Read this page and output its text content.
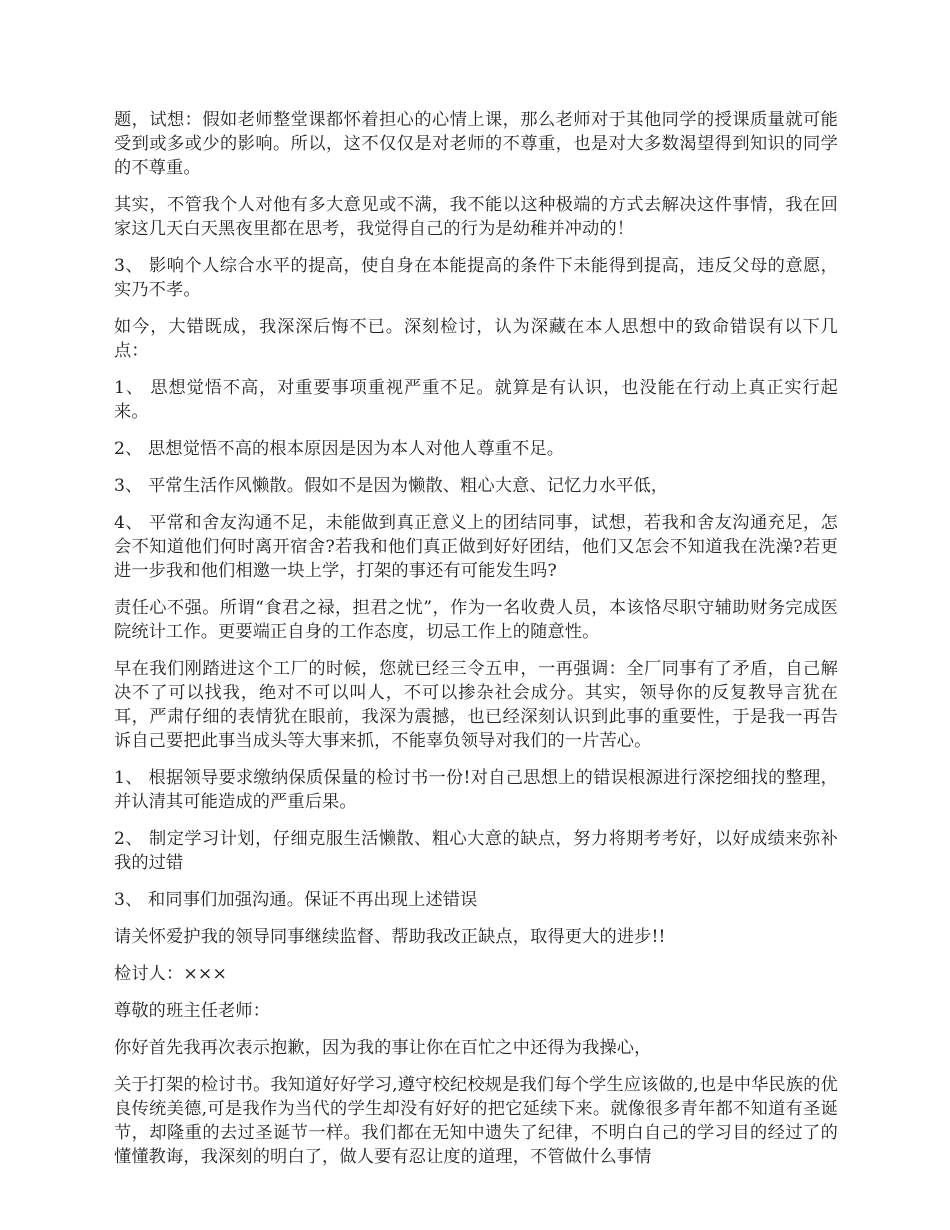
题，试想：假如老师整堂课都怀着担心的心情上课，那么老师对于其他同学的授课质量就可能受到或多或少的影响。所以，这不仅仅是对老师的不尊重，也是对大多数渴望得到知识的同学的不尊重。

其实，不管我个人对他有多大意见或不满，我不能以这种极端的方式去解决这件事情，我在回家这几天白天黑夜里都在思考，我觉得自己的行为是幼稚并冲动的！

3、 影响个人综合水平的提高，使自身在本能提高的条件下未能得到提高，违反父母的意愿，实乃不孝。

如今，大错既成，我深深后悔不已。深刻检讨，认为深藏在本人思想中的致命错误有以下几点：

1、 思想觉悟不高，对重要事项重视严重不足。就算是有认识，也没能在行动上真正实行起来。

2、 思想觉悟不高的根本原因是因为本人对他人尊重不足。

3、 平常生活作风懒散。假如不是因为懒散、粗心大意、记忆力水平低，

4、 平常和舍友沟通不足，未能做到真正意义上的团结同事，试想，若我和舍友沟通充足，怎会不知道他们何时离开宿舍?若我和他们真正做到好好团结，他们又怎会不知道我在洗澡?若更进一步我和他们相邀一块上学，打架的事还有可能发生吗?

责任心不强。所谓“食君之禄，担君之忧”，作为一名收费人员，本该恪尽职守辅助财务完成医院统计工作。更要端正自身的工作态度，切忌工作上的随意性。

早在我们刚踏进这个工厂的时候，您就已经三令五申，一再强调：全厂同事有了矛盾，自己解决不了可以找我，绝对不可以叫人，不可以掺杂社会成分。其实，领导你的反复教导言犹在耳，严肃仔细的表情犹在眼前，我深为震撼，也已经深刻认识到此事的重要性，于是我一再告诉自己要把此事当成头等大事来抓，不能辜负领导对我们的一片苦心。

1、 根据领导要求缴纳保质保量的检讨书一份!对自己思想上的错误根源进行深挖细找的整理，并认清其可能造成的严重后果。

2、 制定学习计划，仔细克服生活懒散、粗心大意的缺点，努力将期考考好，以好成绩来弥补我的过错

3、 和同事们加强沟通。保证不再出现上述错误

请关怀爱护我的领导同事继续监督、帮助我改正缺点，取得更大的进步!!

检讨人：×××

尊敬的班主任老师：

你好首先我再次表示抱歉，因为我的事让你在百忙之中还得为我操心，

关于打架的检讨书。我知道好好学习,遵守校纪校规是我们每个学生应该做的,也是中华民族的优良传统美德,可是我作为当代的学生却没有好好的把它延续下来。就像很多青年都不知道有圣诞节，却隆重的去过圣诞节一样。我们都在无知中遗失了纪律，不明白自己的学习目的经过了的懂懂教诲，我深刻的明白了，做人要有忍让度的道理，不管做什么事情
